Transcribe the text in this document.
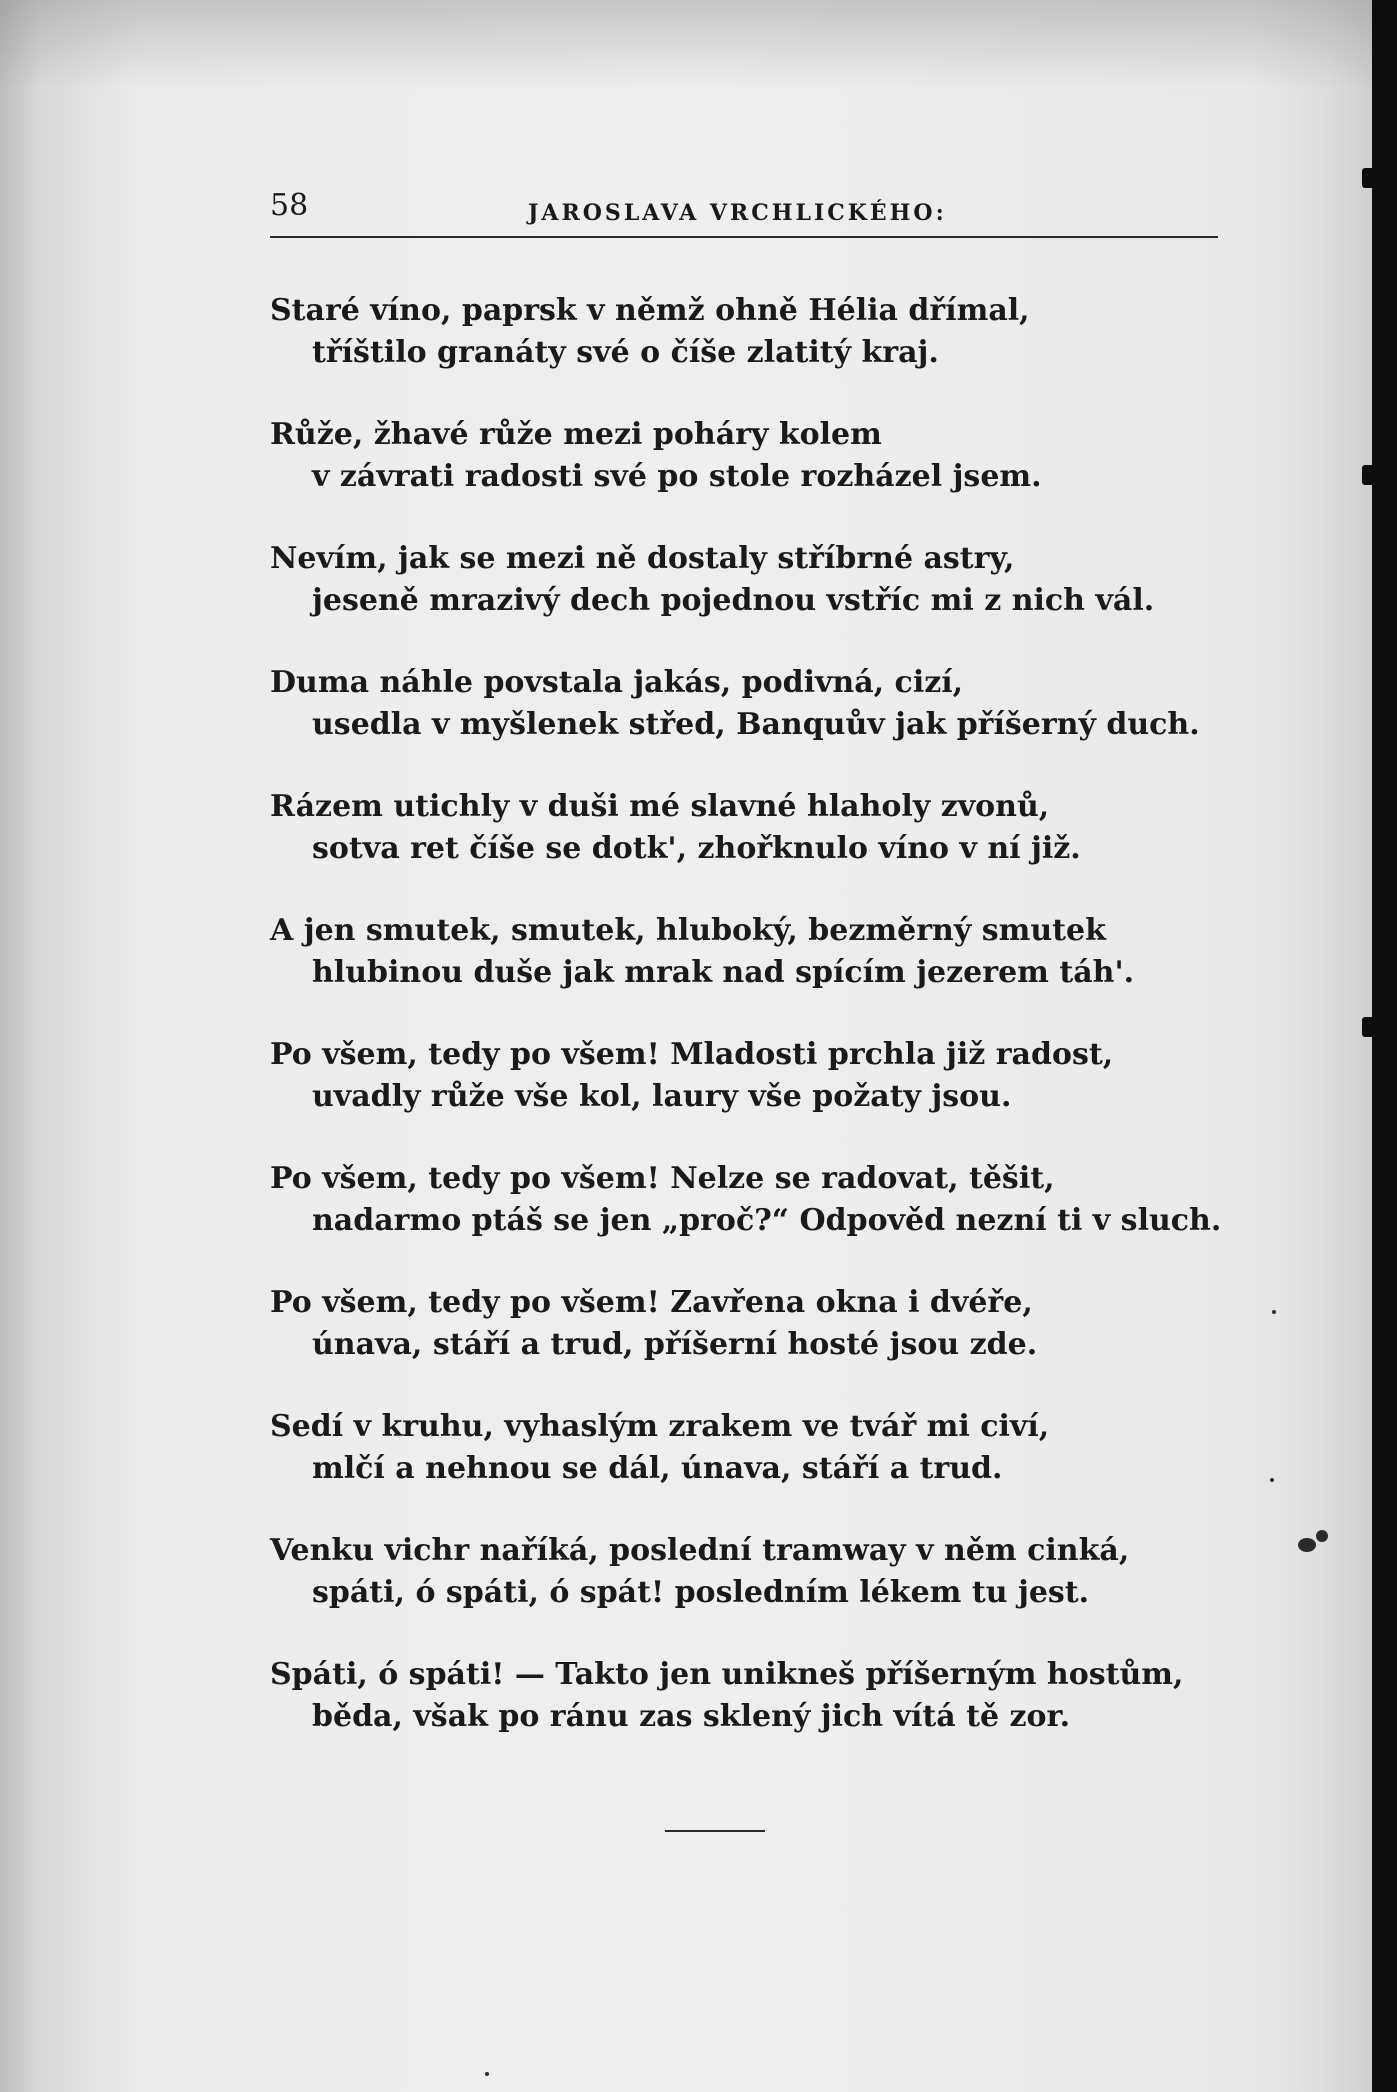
58	JAROSLAVA VRCHLICKÉHO:
Staré víno, paprsk v němž ohně Hélia dřímal,
tříštilo granáty své o číše zlatitý kraj.
Růže, žhavé růže mezi poháry kolem
v závrati radosti své po stole rozházel jsem.
Nevím, jak se mezi ně dostaly stříbrné astry,
jeseně mrazivý dech pojednou vstříc mi z nich vál.
Duma náhle povstala jakás, podivná, cizí,
usedla v myšlenek střed, Banquův jak příšerný duch.
Rázem utichly v duši mé slavné hlaholy zvonů,
sotva ret číše se dotk', zhořknulo víno v ní již.
A jen smutek, smutek, hluboký, bezměrný smutek
hlubinou duše jak mrak nad spícím jezerem táh'.
Po všem, tedy po všem! Mladosti prchla již radost,
uvadly růže vše kol, laury vše požaty jsou.
Po všem, tedy po všem! Nelze se radovat, těšit,
nadarmo ptáš se jen „proč?“ Odpověd nezní ti v sluch.
Po všem, tedy po všem! Zavřena okna i dvéře,
únava, stáří a trud, příšerní hosté jsou zde.
Sedí v kruhu, vyhaslým zrakem ve tvář mi civí,
mlčí a nehnou se dál, únava, stáří a trud.
Venku vichr naříká, poslední tramway v něm cinká,
spáti, ó spáti, ó spát! posledním lékem tu jest.
Spáti, ó spáti! — Takto jen unikneš příšerným hostům,
běda, však po ránu zas sklený jich vítá tě zor.
